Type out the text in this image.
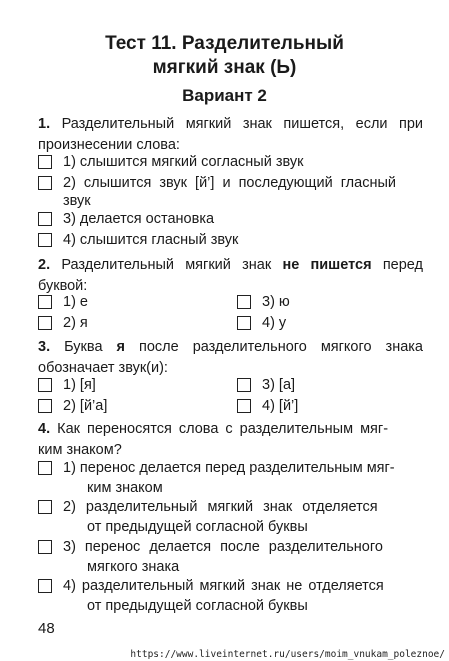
Тест 11. Разделительный
мягкий знак (Ь)
Вариант 2
1. Разделительный мягкий знак пишется, если при произнесении слова:
1) слышится мягкий согласный звук
2) слышится звук [й’] и последующий гласный
звук
3) делается остановка
4) слышится гласный звук
2. Разделительный мягкий знак не пишется перед буквой:
1) е	3) ю
2) я	4) у
3. Буква я после разделительного мягкого знака обозначает звук(и):
1) [я]	3) [а]
2) [й’а]	4) [й’]
4. Как переносятся слова с разделительным мяг-
ким знаком?
1) перенос делается перед разделительным мяг-
ким знаком
2) разделительный мягкий знак отделяется
от предыдущей согласной буквы
3) перенос делается после разделительного
мягкого знака
4) разделительный мягкий знак не отделяется
от предыдущей согласной буквы
48
https://www.liveinternet.ru/users/moim_vnukam_poleznoe/
